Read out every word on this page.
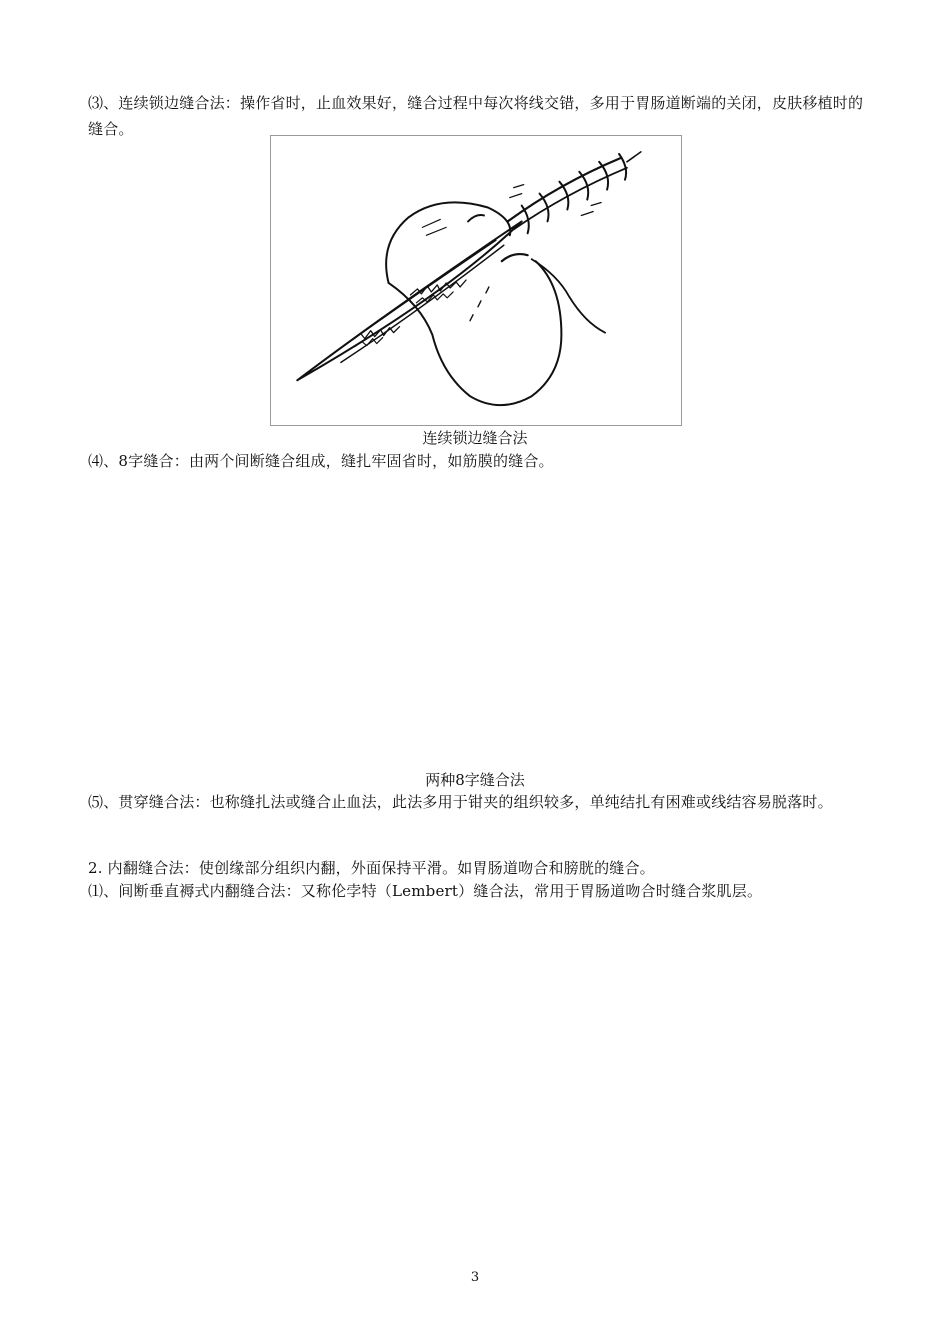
⑶、连续锁边缝合法：操作省时，止血效果好，缝合过程中每次将线交错，多用于胃肠道断端的关闭，皮肤移植时的缝合。
连续锁边缝合法
⑷、8字缝合：由两个间断缝合组成，缝扎牢固省时，如筋膜的缝合。
两种8字缝合法
⑸、贯穿缝合法：也称缝扎法或缝合止血法，此法多用于钳夹的组织较多，单纯结扎有困难或线结容易脱落时。
2. 内翻缝合法：使创缘部分组织内翻，外面保持平滑。如胃肠道吻合和膀胱的缝合。
⑴、间断垂直褥式内翻缝合法：又称伦孛特（Lembert）缝合法，常用于胃肠道吻合时缝合浆肌层。
3
